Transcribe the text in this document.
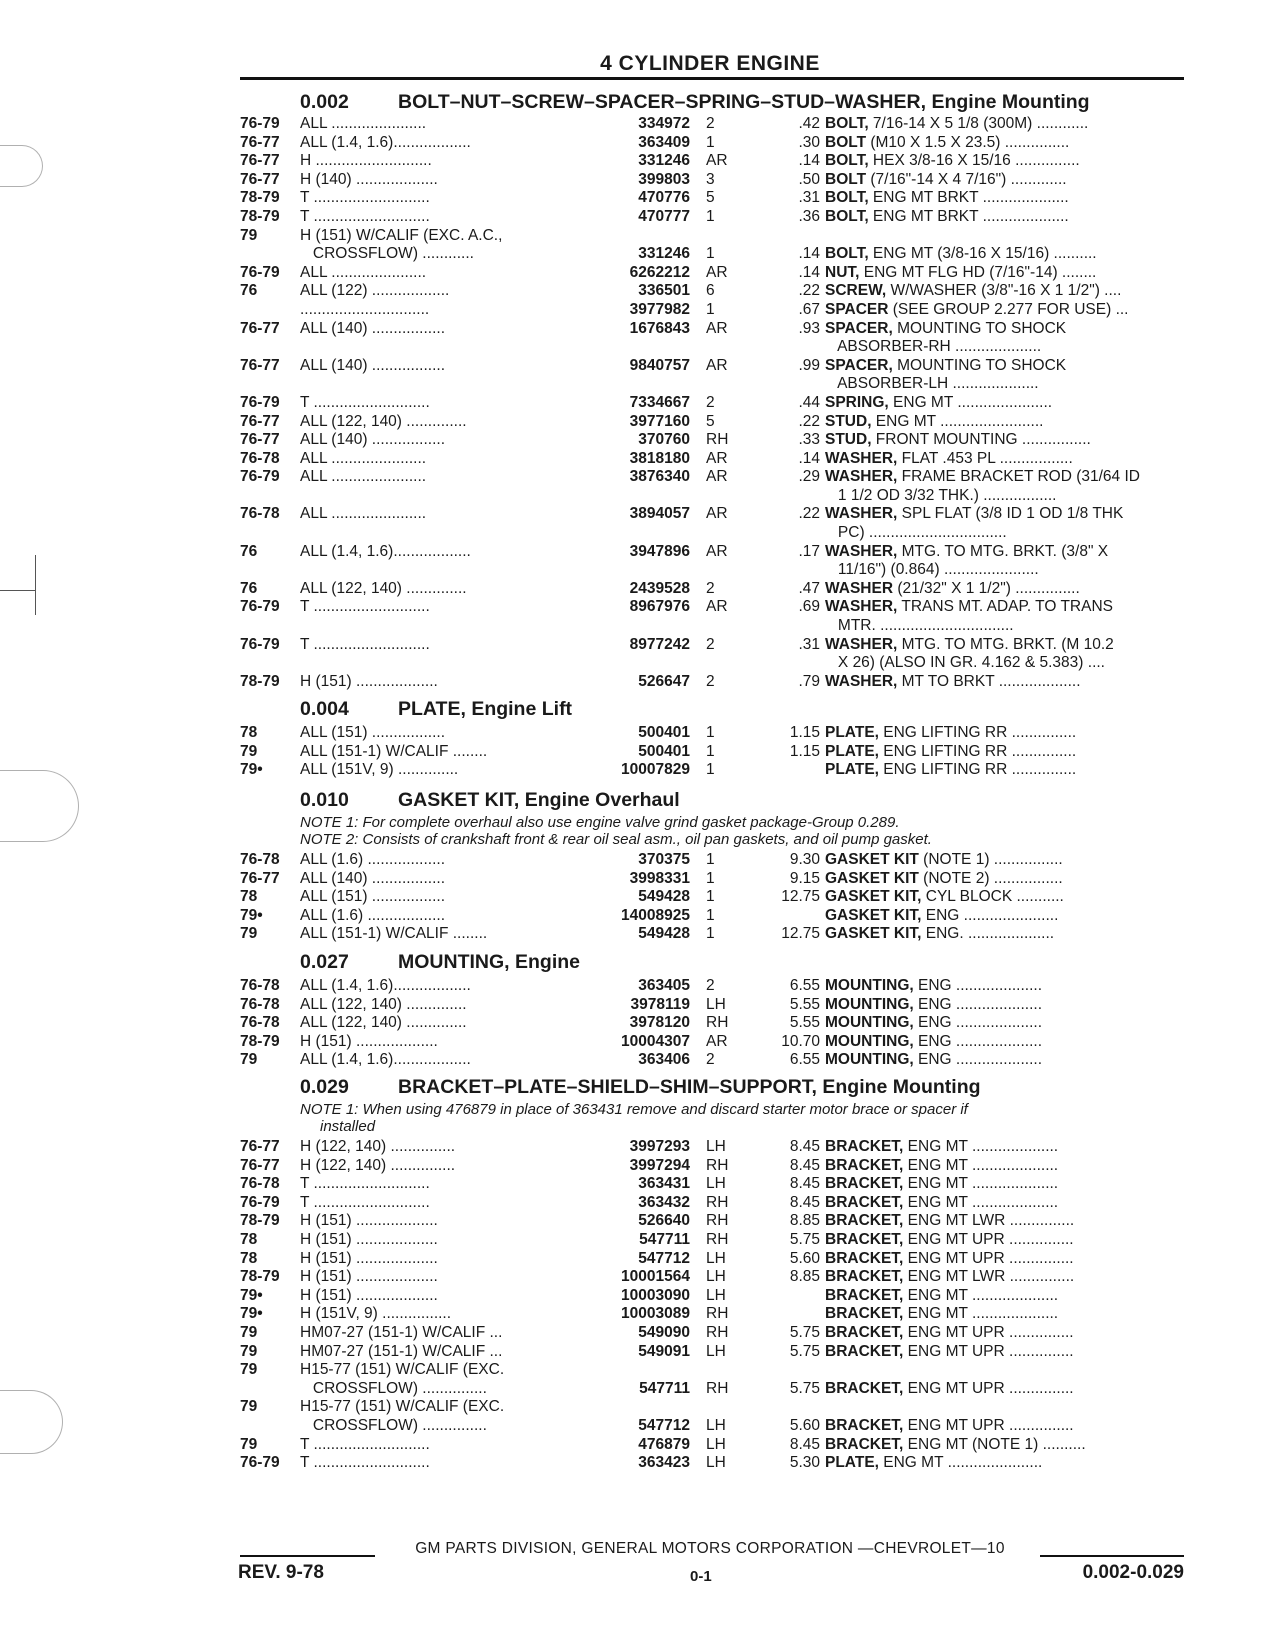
4 CYLINDER ENGINE
0.002	BOLT–NUT–SCREW–SPACER–SPRING–STUD–WASHER, Engine Mounting
76-79	ALL ......................	334972	2	.42 BOLT, 7/16-14 X 5 1/8 (300M) ............
76-77	ALL (1.4, 1.6)..................	363409	1	.30 BOLT (M10 X 1.5 X 23.5) ...............
76-77	H ...........................	331246	AR	.14 BOLT, HEX 3/8-16 X 15/16 ...............
76-77	H (140) ...................	399803	3	.50 BOLT (7/16"-14 X 4 7/16") .............
78-79	T ...........................	470776	5	.31 BOLT, ENG MT BRKT ....................
78-79	T ...........................	470777	1	.36 BOLT, ENG MT BRKT ....................
79	H (151) W/CALIF (EXC. A.C.,
CROSSFLOW) ............	331246	1	.14 BOLT, ENG MT (3/8-16 X 15/16) ..........
76-79	ALL ......................	6262212	AR	.14 NUT, ENG MT FLG HD (7/16"-14) ........
76	ALL (122) ..................	336501	6	.22 SCREW, W/WASHER (3/8"-16 X 1 1/2") ....
..............................	3977982	1	.67 SPACER (SEE GROUP 2.277 FOR USE) ...
76-77	ALL (140) .................	1676843	AR	.93 SPACER, MOUNTING TO SHOCK
ABSORBER-RH ....................
76-77	ALL (140) .................	9840757	AR	.99 SPACER, MOUNTING TO SHOCK
ABSORBER-LH ....................
76-79	T ...........................	7334667	2	.44 SPRING, ENG MT ......................
76-77	ALL (122, 140) ..............	3977160	5	.22 STUD, ENG MT ........................
76-77	ALL (140) .................	370760	RH	.33 STUD, FRONT MOUNTING ................
76-78	ALL ......................	3818180	AR	.14 WASHER, FLAT .453 PL .................
76-79	ALL ......................	3876340	AR	.29 WASHER, FRAME BRACKET ROD (31/64 ID
1 1/2 OD 3/32 THK.) .................
76-78	ALL ......................	3894057	AR	.22 WASHER, SPL FLAT (3/8 ID 1 OD 1/8 THK
PC) ................................
76	ALL (1.4, 1.6)..................	3947896	AR	.17 WASHER, MTG. TO MTG. BRKT. (3/8" X
11/16") (0.864) ......................
76	ALL (122, 140) ..............	2439528	2	.47 WASHER (21/32" X 1 1/2") ...............
76-79	T ...........................	8967976	AR	.69 WASHER, TRANS MT. ADAP. TO TRANS
MTR. ...............................
76-79	T ...........................	8977242	2	.31 WASHER, MTG. TO MTG. BRKT. (M 10.2
X 26) (ALSO IN GR. 4.162 & 5.383) ....
78-79	H (151) ...................	526647	2	.79 WASHER, MT TO BRKT ...................
0.004	PLATE, Engine Lift
78	ALL (151) .................	500401	1	1.15 PLATE, ENG LIFTING RR ...............
79	ALL (151-1) W/CALIF ........	500401	1	1.15 PLATE, ENG LIFTING RR ...............
79•	ALL (151V, 9) ..............	10007829	1	PLATE, ENG LIFTING RR ...............
0.010	GASKET KIT, Engine Overhaul
NOTE 1: For complete overhaul also use engine valve grind gasket package-Group 0.289.
NOTE 2: Consists of crankshaft front & rear oil seal asm., oil pan gaskets, and oil pump gasket.
76-78	ALL (1.6) ..................	370375	1	9.30 GASKET KIT (NOTE 1) ................
76-77	ALL (140) .................	3998331	1	9.15 GASKET KIT (NOTE 2) ................
78	ALL (151) .................	549428	1	12.75 GASKET KIT, CYL BLOCK ...........
79•	ALL (1.6) ..................	14008925	1	GASKET KIT, ENG ......................
79	ALL (151-1) W/CALIF ........	549428	1	12.75 GASKET KIT, ENG. ....................
0.027	MOUNTING, Engine
76-78	ALL (1.4, 1.6)..................	363405	2	6.55 MOUNTING, ENG ....................
76-78	ALL (122, 140) ..............	3978119	LH	5.55 MOUNTING, ENG ....................
76-78	ALL (122, 140) ..............	3978120	RH	5.55 MOUNTING, ENG ....................
78-79	H (151) ...................	10004307	AR	10.70 MOUNTING, ENG ....................
79	ALL (1.4, 1.6)..................	363406	2	6.55 MOUNTING, ENG ....................
0.029	BRACKET–PLATE–SHIELD–SHIM–SUPPORT, Engine Mounting
NOTE 1: When using 476879 in place of 363431 remove and discard starter motor brace or spacer if
installed
76-77	H (122, 140) ...............	3997293	LH	8.45 BRACKET, ENG MT ....................
76-77	H (122, 140) ...............	3997294	RH	8.45 BRACKET, ENG MT ....................
76-78	T ...........................	363431	LH	8.45 BRACKET, ENG MT ....................
76-79	T ...........................	363432	RH	8.45 BRACKET, ENG MT ....................
78-79	H (151) ...................	526640	RH	8.85 BRACKET, ENG MT LWR ...............
78	H (151) ...................	547711	RH	5.75 BRACKET, ENG MT UPR ...............
78	H (151) ...................	547712	LH	5.60 BRACKET, ENG MT UPR ...............
78-79	H (151) ...................	10001564	LH	8.85 BRACKET, ENG MT LWR ...............
79•	H (151) ...................	10003090	LH	BRACKET, ENG MT ....................
79•	H (151V, 9) ................	10003089	RH	BRACKET, ENG MT ....................
79	HM07-27 (151-1) W/CALIF ...	549090	RH	5.75 BRACKET, ENG MT UPR ...............
79	HM07-27 (151-1) W/CALIF ...	549091	LH	5.75 BRACKET, ENG MT UPR ...............
79	H15-77 (151) W/CALIF (EXC.
CROSSFLOW) ...............	547711	RH	5.75 BRACKET, ENG MT UPR ...............
79	H15-77 (151) W/CALIF (EXC.
CROSSFLOW) ...............	547712	LH	5.60 BRACKET, ENG MT UPR ...............
79	T ...........................	476879	LH	8.45 BRACKET, ENG MT (NOTE 1) ..........
76-79	T ...........................	363423	LH	5.30 PLATE, ENG MT ......................
GM PARTS DIVISION, GENERAL MOTORS CORPORATION —CHEVROLET—10
REV. 9-78	0-1	0.002-0.029
